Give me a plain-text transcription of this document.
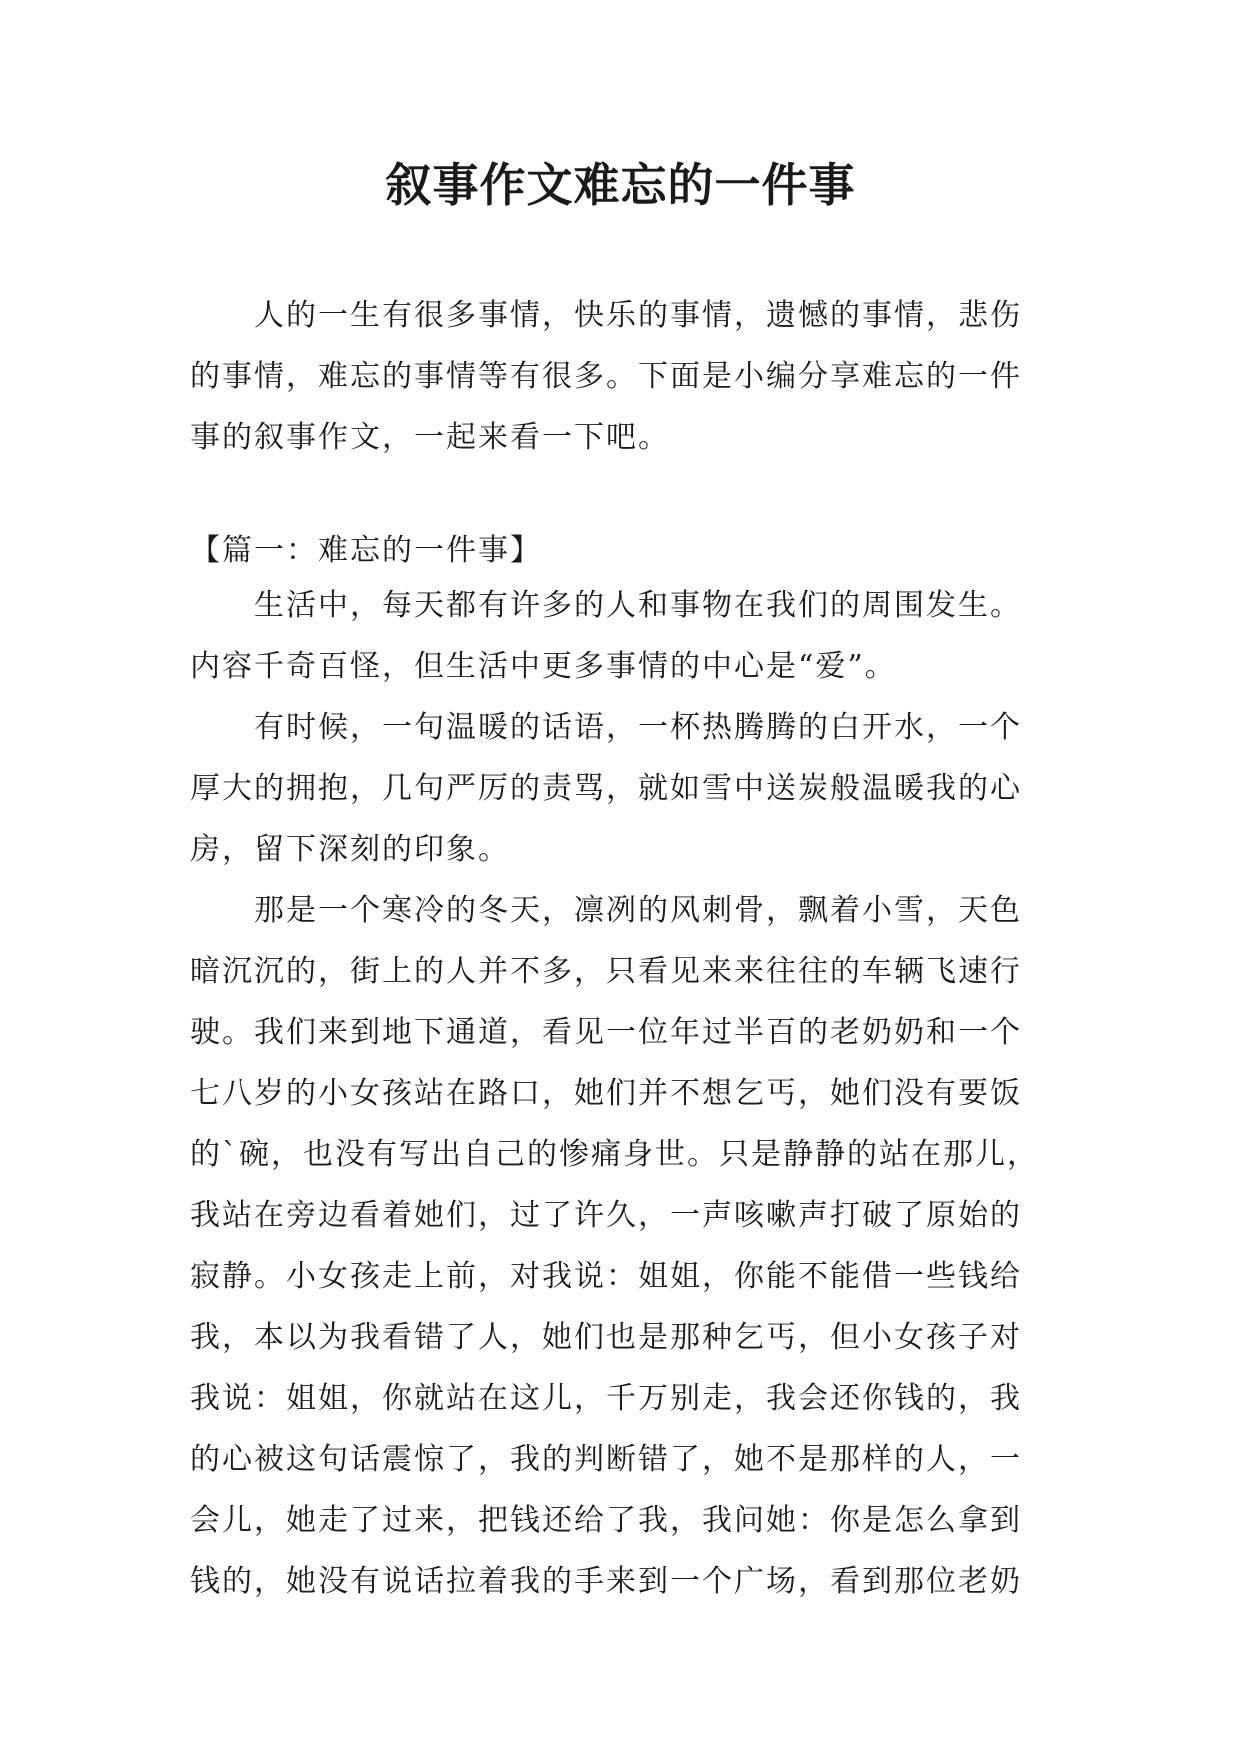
叙事作文难忘的一件事
人的一生有很多事情，快乐的事情，遗憾的事情，悲伤
的事情，难忘的事情等有很多。下面是小编分享难忘的一件
事的叙事作文，一起来看一下吧。
【篇一：难忘的一件事】
生活中，每天都有许多的人和事物在我们的周围发生。
内容千奇百怪，但生活中更多事情的中心是“爱”。
有时候，一句温暖的话语，一杯热腾腾的白开水，一个
厚大的拥抱，几句严厉的责骂，就如雪中送炭般温暖我的心
房，留下深刻的印象。
那是一个寒冷的冬天，凛冽的风刺骨，飘着小雪，天色
暗沉沉的，街上的人并不多，只看见来来往往的车辆飞速行
驶。我们来到地下通道，看见一位年过半百的老奶奶和一个
七八岁的小女孩站在路口，她们并不想乞丐，她们没有要饭
的`碗，也没有写出自己的惨痛身世。只是静静的站在那儿，
我站在旁边看着她们，过了许久，一声咳嗽声打破了原始的
寂静。小女孩走上前，对我说：姐姐，你能不能借一些钱给
我，本以为我看错了人，她们也是那种乞丐，但小女孩子对
我说：姐姐，你就站在这儿，千万别走，我会还你钱的，我
的心被这句话震惊了，我的判断错了，她不是那样的人，一
会儿，她走了过来，把钱还给了我，我问她：你是怎么拿到
钱的，她没有说话拉着我的手来到一个广场，看到那位老奶
